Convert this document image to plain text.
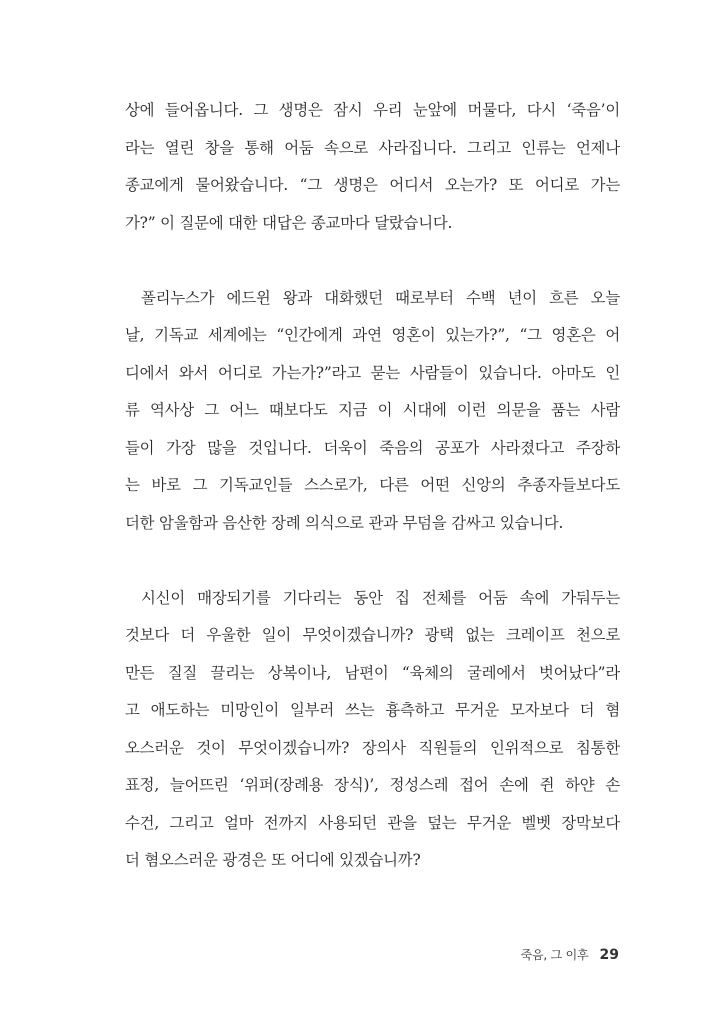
상에 들어옵니다. 그 생명은 잠시 우리 눈앞에 머물다, 다시 ‘죽음’이
라는 열린 창을 통해 어둠 속으로 사라집니다. 그리고 인류는 언제나
종교에게 물어왔습니다. “그 생명은 어디서 오는가? 또 어디로 가는
가?” 이 질문에 대한 대답은 종교마다 달랐습니다.
폴리누스가 에드윈 왕과 대화했던 때로부터 수백 년이 흐른 오늘
날, 기독교 세계에는 “인간에게 과연 영혼이 있는가?”, “그 영혼은 어
디에서 와서 어디로 가는가?”라고 묻는 사람들이 있습니다. 아마도 인
류 역사상 그 어느 때보다도 지금 이 시대에 이런 의문을 품는 사람
들이 가장 많을 것입니다. 더욱이 죽음의 공포가 사라졌다고 주장하
는 바로 그 기독교인들 스스로가, 다른 어떤 신앙의 추종자들보다도
더한 암울함과 음산한 장례 의식으로 관과 무덤을 감싸고 있습니다.
시신이 매장되기를 기다리는 동안 집 전체를 어둠 속에 가둬두는
것보다 더 우울한 일이 무엇이겠습니까? 광택 없는 크레이프 천으로
만든 질질 끌리는 상복이나, 남편이 “육체의 굴레에서 벗어났다”라
고 애도하는 미망인이 일부러 쓰는 흉측하고 무거운 모자보다 더 혐
오스러운 것이 무엇이겠습니까? 장의사 직원들의 인위적으로 침통한
표정, 늘어뜨린 ‘위퍼(장례용 장식)’, 정성스레 접어 손에 쥔 하얀 손
수건, 그리고 얼마 전까지 사용되던 관을 덮는 무거운 벨벳 장막보다
더 혐오스러운 광경은 또 어디에 있겠습니까?
죽음, 그 이후 29
